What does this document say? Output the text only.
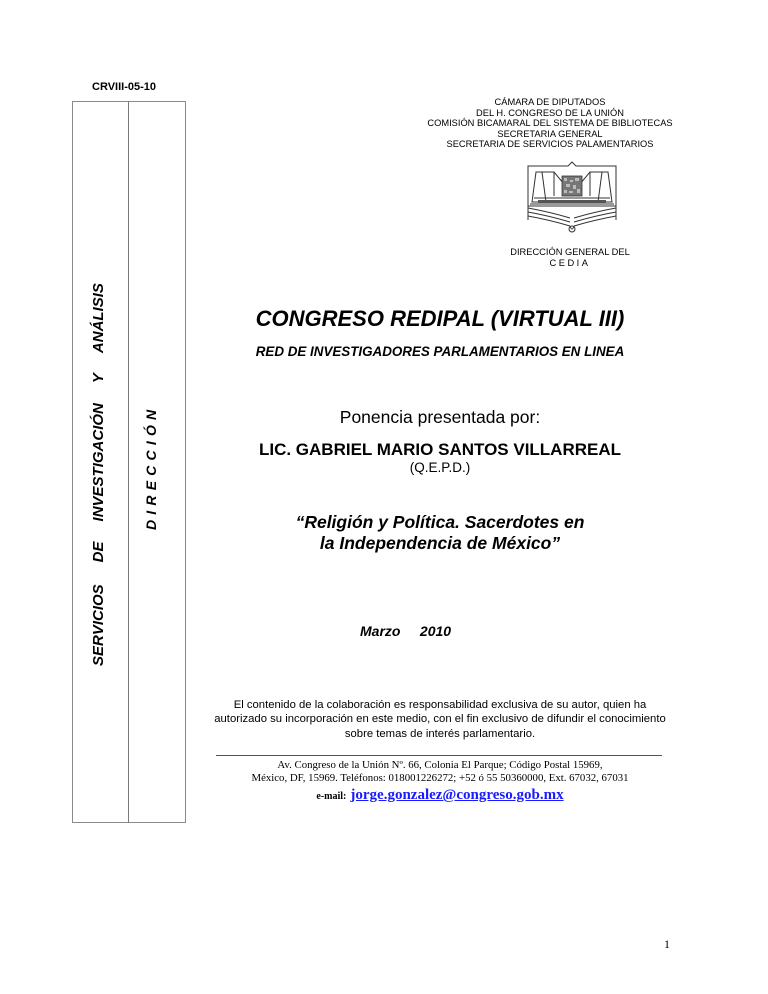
CRVIII-05-10
SERVICIOSDEINVESTIGACIÓNYANÁLISIS
DIRECCIÓN
CÁMARA DE DIPUTADOS
DEL H. CONGRESO DE LA UNIÓN
COMISIÓN BICAMARAL DEL SISTEMA DE BIBLIOTECAS
SECRETARIA GENERAL
SECRETARIA DE SERVICIOS PALAMENTARIOS
DIRECCIÓN GENERAL DEL
CEDIA
CONGRESO REDIPAL (VIRTUAL III)
RED DE INVESTIGADORES PARLAMENTARIOS EN LINEA
Ponencia presentada por:
LIC. GABRIEL MARIO SANTOS VILLARREAL
(Q.E.P.D.)
“Religión y Política. Sacerdotes en
la Independencia de México”
Marzo 2010
El contenido de la colaboración es responsabilidad exclusiva de su autor, quien ha
autorizado su incorporación en este medio, con el fin exclusivo de difundir el conocimiento
sobre temas de interés parlamentario.
Av. Congreso de la Unión Nº. 66, Colonia El Parque; Código Postal 15969,
México, DF, 15969. Teléfonos: 018001226272; +52 ó 55 50360000, Ext. 67032, 67031
e-mail: jorge.gonzalez@congreso.gob.mx
1
